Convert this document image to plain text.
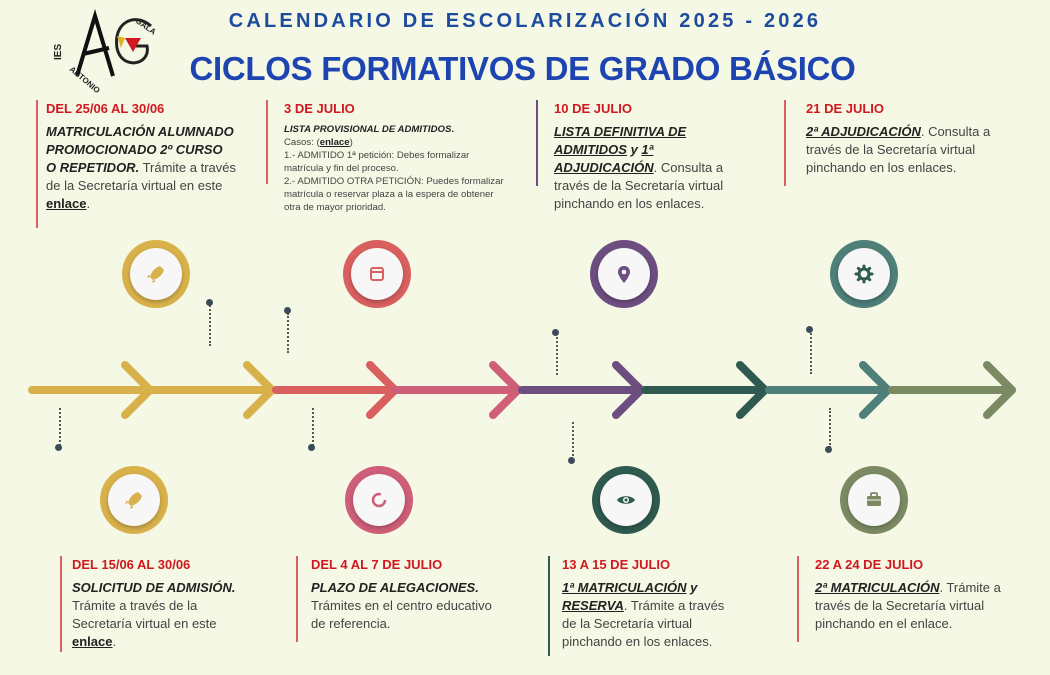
IES
ANTONIO
GALA	CALENDARIO DE ESCOLARIZACIÓN 2025 - 2026
CICLOS FORMATIVOS DE GRADO BÁSICO
DEL 25/06 AL 30/06
MATRICULACIÓN ALUMNADO PROMOCIONADO 2º CURSO O REPETIDOR. Trámite a través de la Secretaría virtual en este enlace.
3 DE JULIO
LISTA PROVISIONAL DE ADMITIDOS.
Casos: (enlace)
1.- ADMITIDO 1ª petición: Debes formalizar matrícula y fin del proceso.
2.- ADMITIDO OTRA PETICIÓN: Puedes formalizar matrícula o reservar plaza a la espera de obtener otra de mayor prioridad.
10 DE JULIO
LISTA DEFINITIVA DE ADMITIDOS y 1ª ADJUDICACIÓN. Consulta a través de la Secretaría virtual pinchando en los enlaces.
21 DE JULIO
2ª ADJUDICACIÓN. Consulta a través de la Secretaría virtual pinchando en los enlaces.
DEL 15/06 AL 30/06
SOLICITUD DE ADMISIÓN. Trámite a través de la Secretaría virtual en este enlace.
DEL 4 AL 7 DE JULIO
PLAZO DE ALEGACIONES. Trámites en el centro educativo de referencia.
13 A 15 DE JULIO
1ª MATRICULACIÓN y RESERVA. Trámite a través de la Secretaría virtual pinchando en los enlaces.
22 A 24 DE JULIO
2ª MATRICULACIÓN. Trámite a través de la Secretaría virtual pinchando en el enlace.
